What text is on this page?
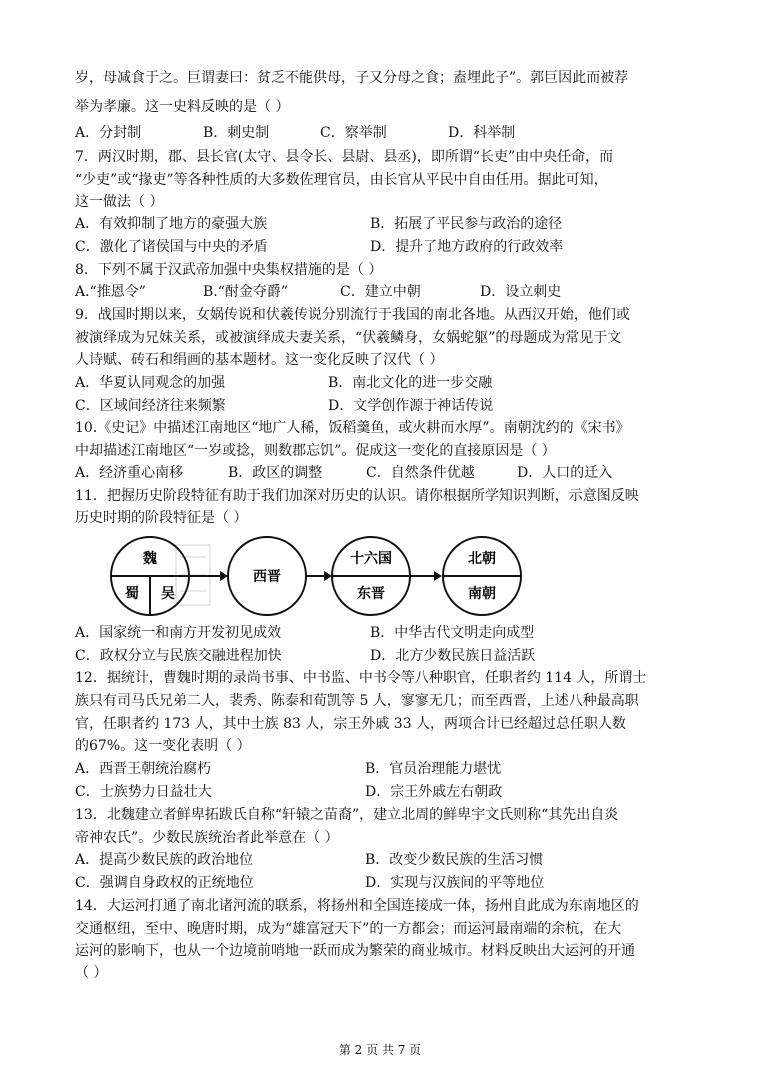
岁，母减食于之。巨谓妻曰：贫乏不能供母，子又分母之食；盍埋此子”。郭巨因此而被荐
举为孝廉。这一史料反映的是（ ）
A．分封制	B．刺史制	C．察举制	D．科举制
7．两汉时期，郡、县长官(太守、县令长、县尉、县丞)，即所谓“长吏”由中央任命，而
“少吏”或“掾吏”等各种性质的大多数佐理官员，由长官从平民中自由任用。据此可知，
这一做法（ ）
A．有效抑制了地方的豪强大族	B．拓展了平民参与政治的途径
C．激化了诸侯国与中央的矛盾	D．提升了地方政府的行政效率
8．下列不属于汉武帝加强中央集权措施的是（ ）
A.“推恩令”	B.“酎金夺爵”	C．建立中朝	D．设立刺史
9．战国时期以来，女娲传说和伏羲传说分别流行于我国的南北各地。从西汉开始，他们或
被演绎成为兄妹关系，或被演绎成夫妻关系，“伏羲鳞身，女娲蛇躯”的母题成为常见于文
人诗赋、砖石和绢画的基本题材。这一变化反映了汉代（ ）
A．华夏认同观念的加强	B．南北文化的进一步交融
C．区域间经济往来频繁	D．文学创作源于神话传说
10.《史记》中描述江南地区“地广人稀，饭稻羹鱼，或火耕而水厚”。南朝沈约的《宋书》
中却描述江南地区“一岁或捻，则数郡忘饥”。促成这一变化的直接原因是（ ）
A．经济重心南移	B．政区的调整	C．自然条件优越	D．人口的迁入
11．把握历史阶段特征有助于我们加深对历史的认识。请你根据所学知识判断，示意图反映
历史时期的阶段特征是（ ）
魏
蜀 吴
西晋
十六国
东晋
北朝
南朝
A．国家统一和南方开发初见成效	B．中华古代文明走向成型
C．政权分立与民族交融进程加快	D．北方少数民族日益活跃
12．据统计，曹魏时期的录尚书事、中书监、中书令等八种职官，任职者约 114 人，所谓士
族只有司马氏兄弟二人，裴秀、陈泰和荀凯等 5 人，寥寥无几；而至西晋，上述八种最高职
官，任职者约 173 人，其中士族 83 人，宗王外戚 33 人，两项合计已经超过总任职人数
的67%。这一变化表明（ ）
A．西晋王朝统治腐朽	B．官员治理能力堪忧
C．士族势力日益壮大	D．宗王外戚左右朝政
13．北魏建立者鲜卑拓跋氏自称“轩辕之苗裔”，建立北周的鲜卑宇文氏则称“其先出自炎
帝神农氏”。少数民族统治者此举意在（ ）
A．提高少数民族的政治地位	B．改变少数民族的生活习惯
C．强调自身政权的正统地位	D．实现与汉族间的平等地位
14．大运河打通了南北诸河流的联系，将扬州和全国连接成一体，扬州自此成为东南地区的
交通枢纽，至中、晚唐时期，成为“雄富冠天下”的一方都会；而运河最南端的余杭，在大
运河的影响下，也从一个边境前哨地一跃而成为繁荣的商业城市。材料反映出大运河的开通
（ ）
第 2 页 共 7 页
